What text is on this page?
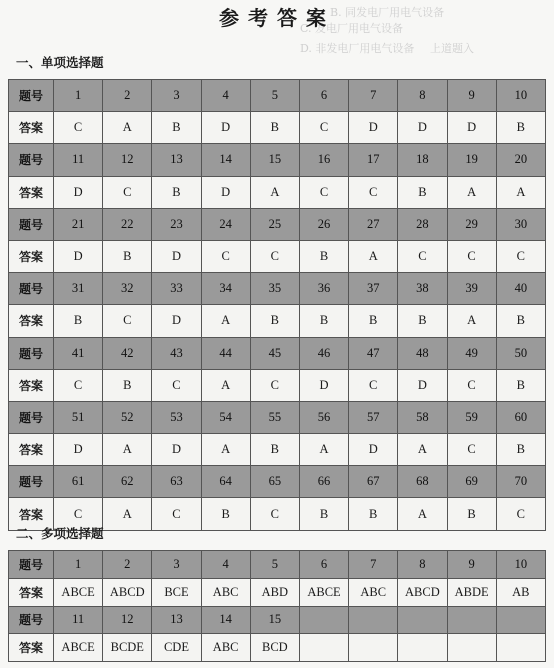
B. 同发电厂用电气设备
C. 发电厂用电气设备
D. 非发电厂用电气设备 上道题入
参考答案
一、单项选择题
题号	1	2	3	4	5	6	7	8	9	10
答案	C	A	B	D	B	C	D	D	D	B
题号	11	12	13	14	15	16	17	18	19	20
答案	D	C	B	D	A	C	C	B	A	A
题号	21	22	23	24	25	26	27	28	29	30
答案	D	B	D	C	C	B	A	C	C	C
题号	31	32	33	34	35	36	37	38	39	40
答案	B	C	D	A	B	B	B	B	A	B
题号	41	42	43	44	45	46	47	48	49	50
答案	C	B	C	A	C	D	C	D	C	B
题号	51	52	53	54	55	56	57	58	59	60
答案	D	A	D	A	B	A	D	A	C	B
题号	61	62	63	64	65	66	67	68	69	70
答案	C	A	C	B	C	B	B	A	B	C
二、多项选择题
题号	1	2	3	4	5	6	7	8	9	10
答案	ABCE	ABCD	BCE	ABC	ABD	ABCE	ABC	ABCD	ABDE	AB
题号	11	12	13	14	15					
答案	ABCE	BCDE	CDE	ABC	BCD					
